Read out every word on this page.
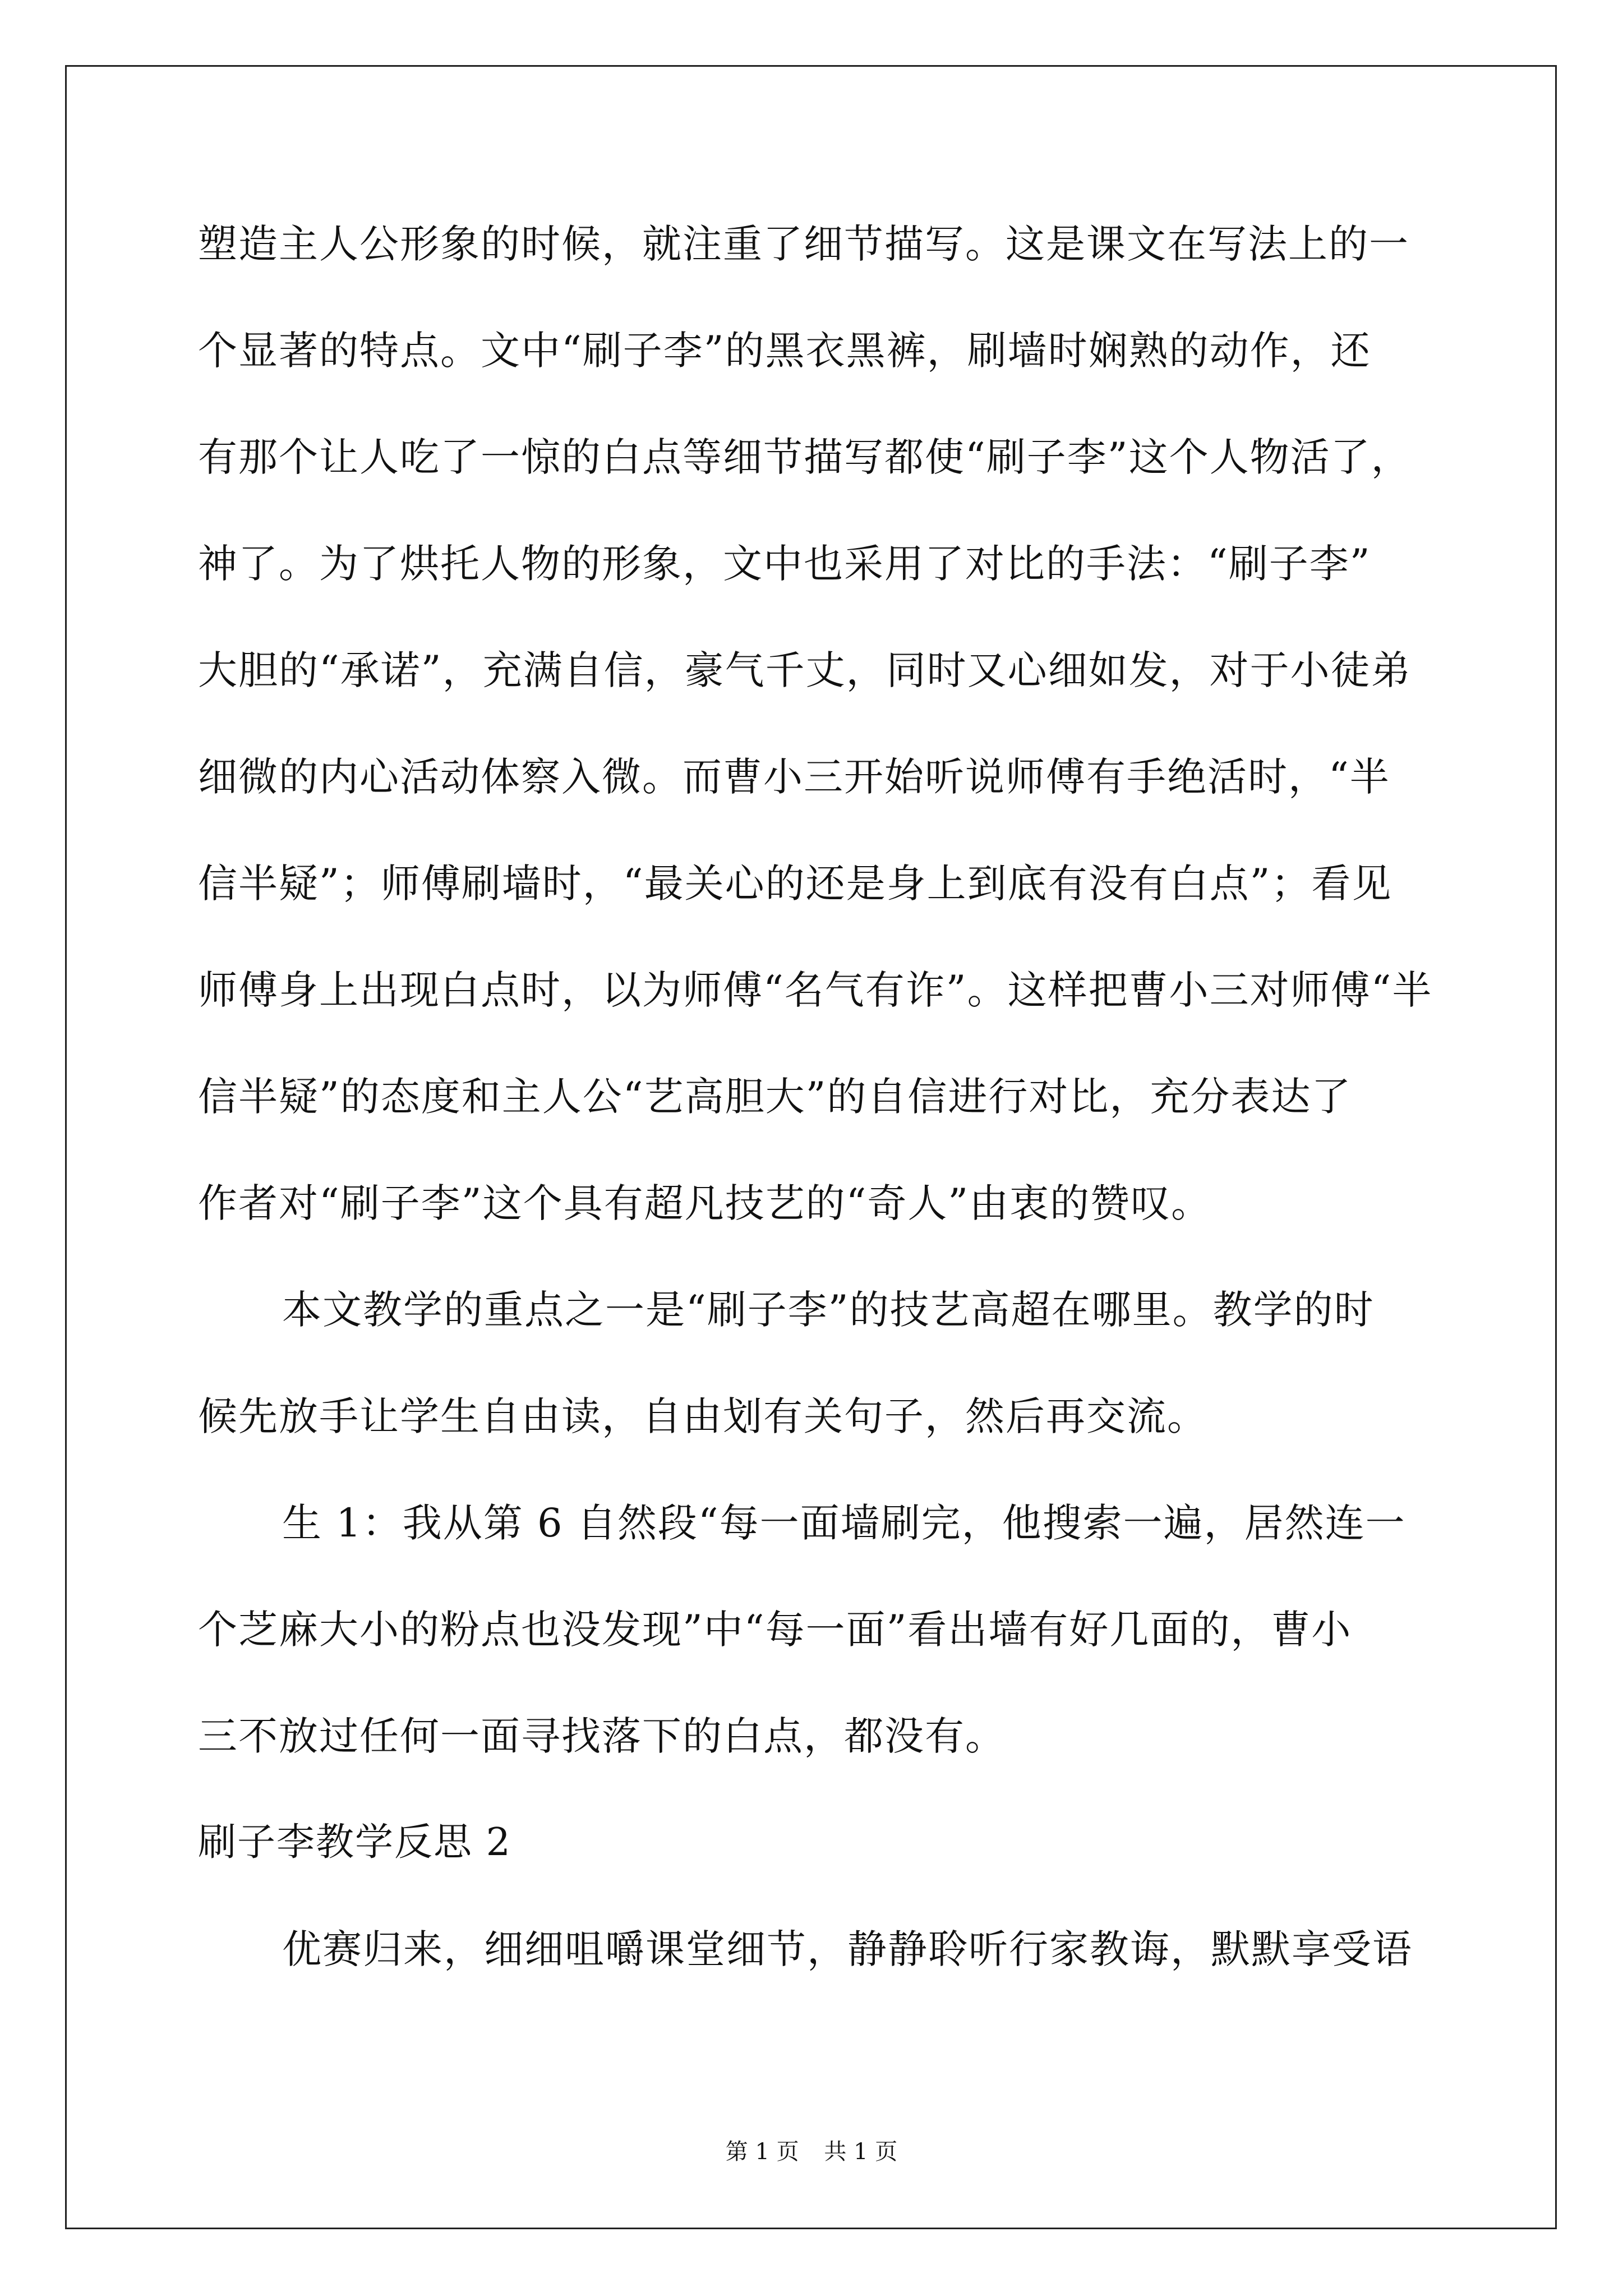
塑造主人公形象的时候，就注重了细节描写。这是课文在写法上的一
个显著的特点。文中“刷子李”的黑衣黑裤，刷墙时娴熟的动作，还
有那个让人吃了一惊的白点等细节描写都使“刷子李”这个人物活了，
神了。为了烘托人物的形象，文中也采用了对比的手法：“刷子李”
大胆的“承诺”，充满自信，豪气千丈，同时又心细如发，对于小徒弟
细微的内心活动体察入微。而曹小三开始听说师傅有手绝活时，“半
信半疑”；师傅刷墙时，“最关心的还是身上到底有没有白点”；看见
师傅身上出现白点时，以为师傅“名气有诈”。这样把曹小三对师傅“半
信半疑”的态度和主人公“艺高胆大”的自信进行对比，充分表达了
作者对“刷子李”这个具有超凡技艺的“奇人”由衷的赞叹。
本文教学的重点之一是“刷子李”的技艺高超在哪里。教学的时
候先放手让学生自由读，自由划有关句子，然后再交流。
生 1：我从第 6 自然段“每一面墙刷完，他搜索一遍，居然连一
个芝麻大小的粉点也没发现”中“每一面”看出墙有好几面的，曹小
三不放过任何一面寻找落下的白点，都没有。
刷子李教学反思 2
优赛归来，细细咀嚼课堂细节，静静聆听行家教诲，默默享受语
第 1 页 共 1 页
